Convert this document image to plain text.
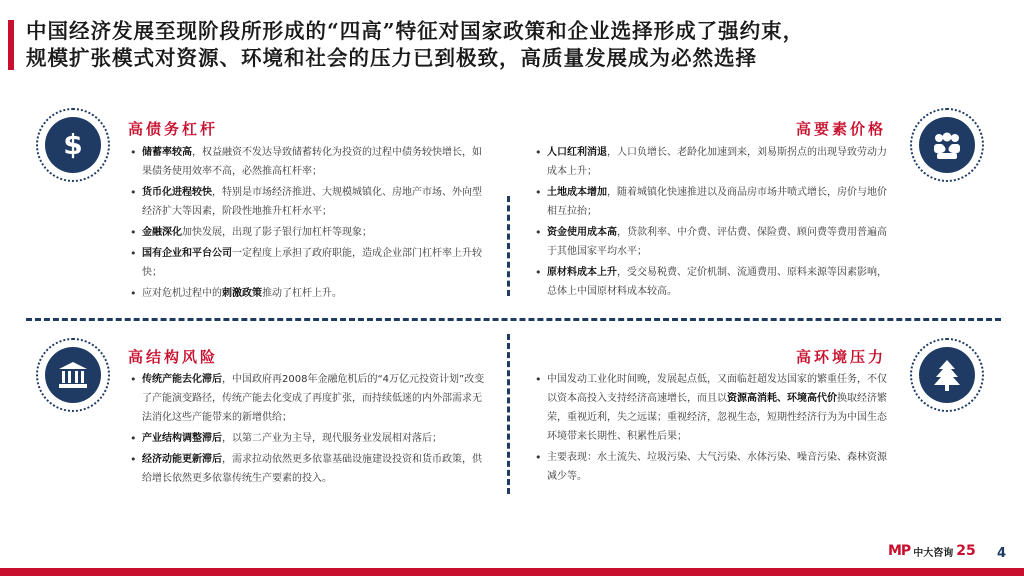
中国经济发展至现阶段所形成的“四高”特征对国家政策和企业选择形成了强约束，
规模扩张模式对资源、环境和社会的压力已到极致，高质量发展成为必然选择
$	高债务杠杆
• 储蓄率较高，权益融资不发达导致储蓄转化为投资的过程中债务较快增长，如果债务使用效率不高，必然推高杠杆率；
• 货币化进程较快，特别是市场经济推进、大规模城镇化、房地产市场、外向型经济扩大等因素，阶段性地推升杠杆水平；
• 金融深化加快发展，出现了影子银行加杠杆等现象；
• 国有企业和平台公司一定程度上承担了政府职能，造成企业部门杠杆率上升较快；
• 应对危机过程中的刺激政策推动了杠杆上升。
高要素价格
• 人口红利消退，人口负增长、老龄化加速到来，刘易斯拐点的出现导致劳动力成本上升；
• 土地成本增加，随着城镇化快速推进以及商品房市场井喷式增长，房价与地价相互拉抬；
• 资金使用成本高，贷款利率、中介费、评估费、保险费、顾问费等费用普遍高于其他国家平均水平；
• 原材料成本上升，受交易税费、定价机制、流通费用、原料来源等因素影响，总体上中国原材料成本较高。
高结构风险
• 传统产能去化滞后，中国政府再2008年金融危机后的“4万亿元投资计划”改变了产能演变路径，传统产能去化变成了再度扩张，而持续低迷的内外部需求无法消化这些产能带来的新增供给；
• 产业结构调整滞后，以第二产业为主导，现代服务业发展相对落后；
• 经济动能更新滞后，需求拉动依然更多依靠基础设施建设投资和货币政策，供给增长依然更多依靠传统生产要素的投入。
高环境压力
• 中国发动工业化时间晚，发展起点低，又面临赶超发达国家的繁重任务，不仅以资本高投入支持经济高速增长，而且以资源高消耗、环境高代价换取经济繁荣，重视近利，失之远谋；重视经济，忽视生态，短期性经济行为为中国生态环境带来长期性、积累性后果；
• 主要表现：水土流失、垃圾污染、大气污染、水体污染、噪音污染、森林资源减少等。
MP 中大咨询 25 4
